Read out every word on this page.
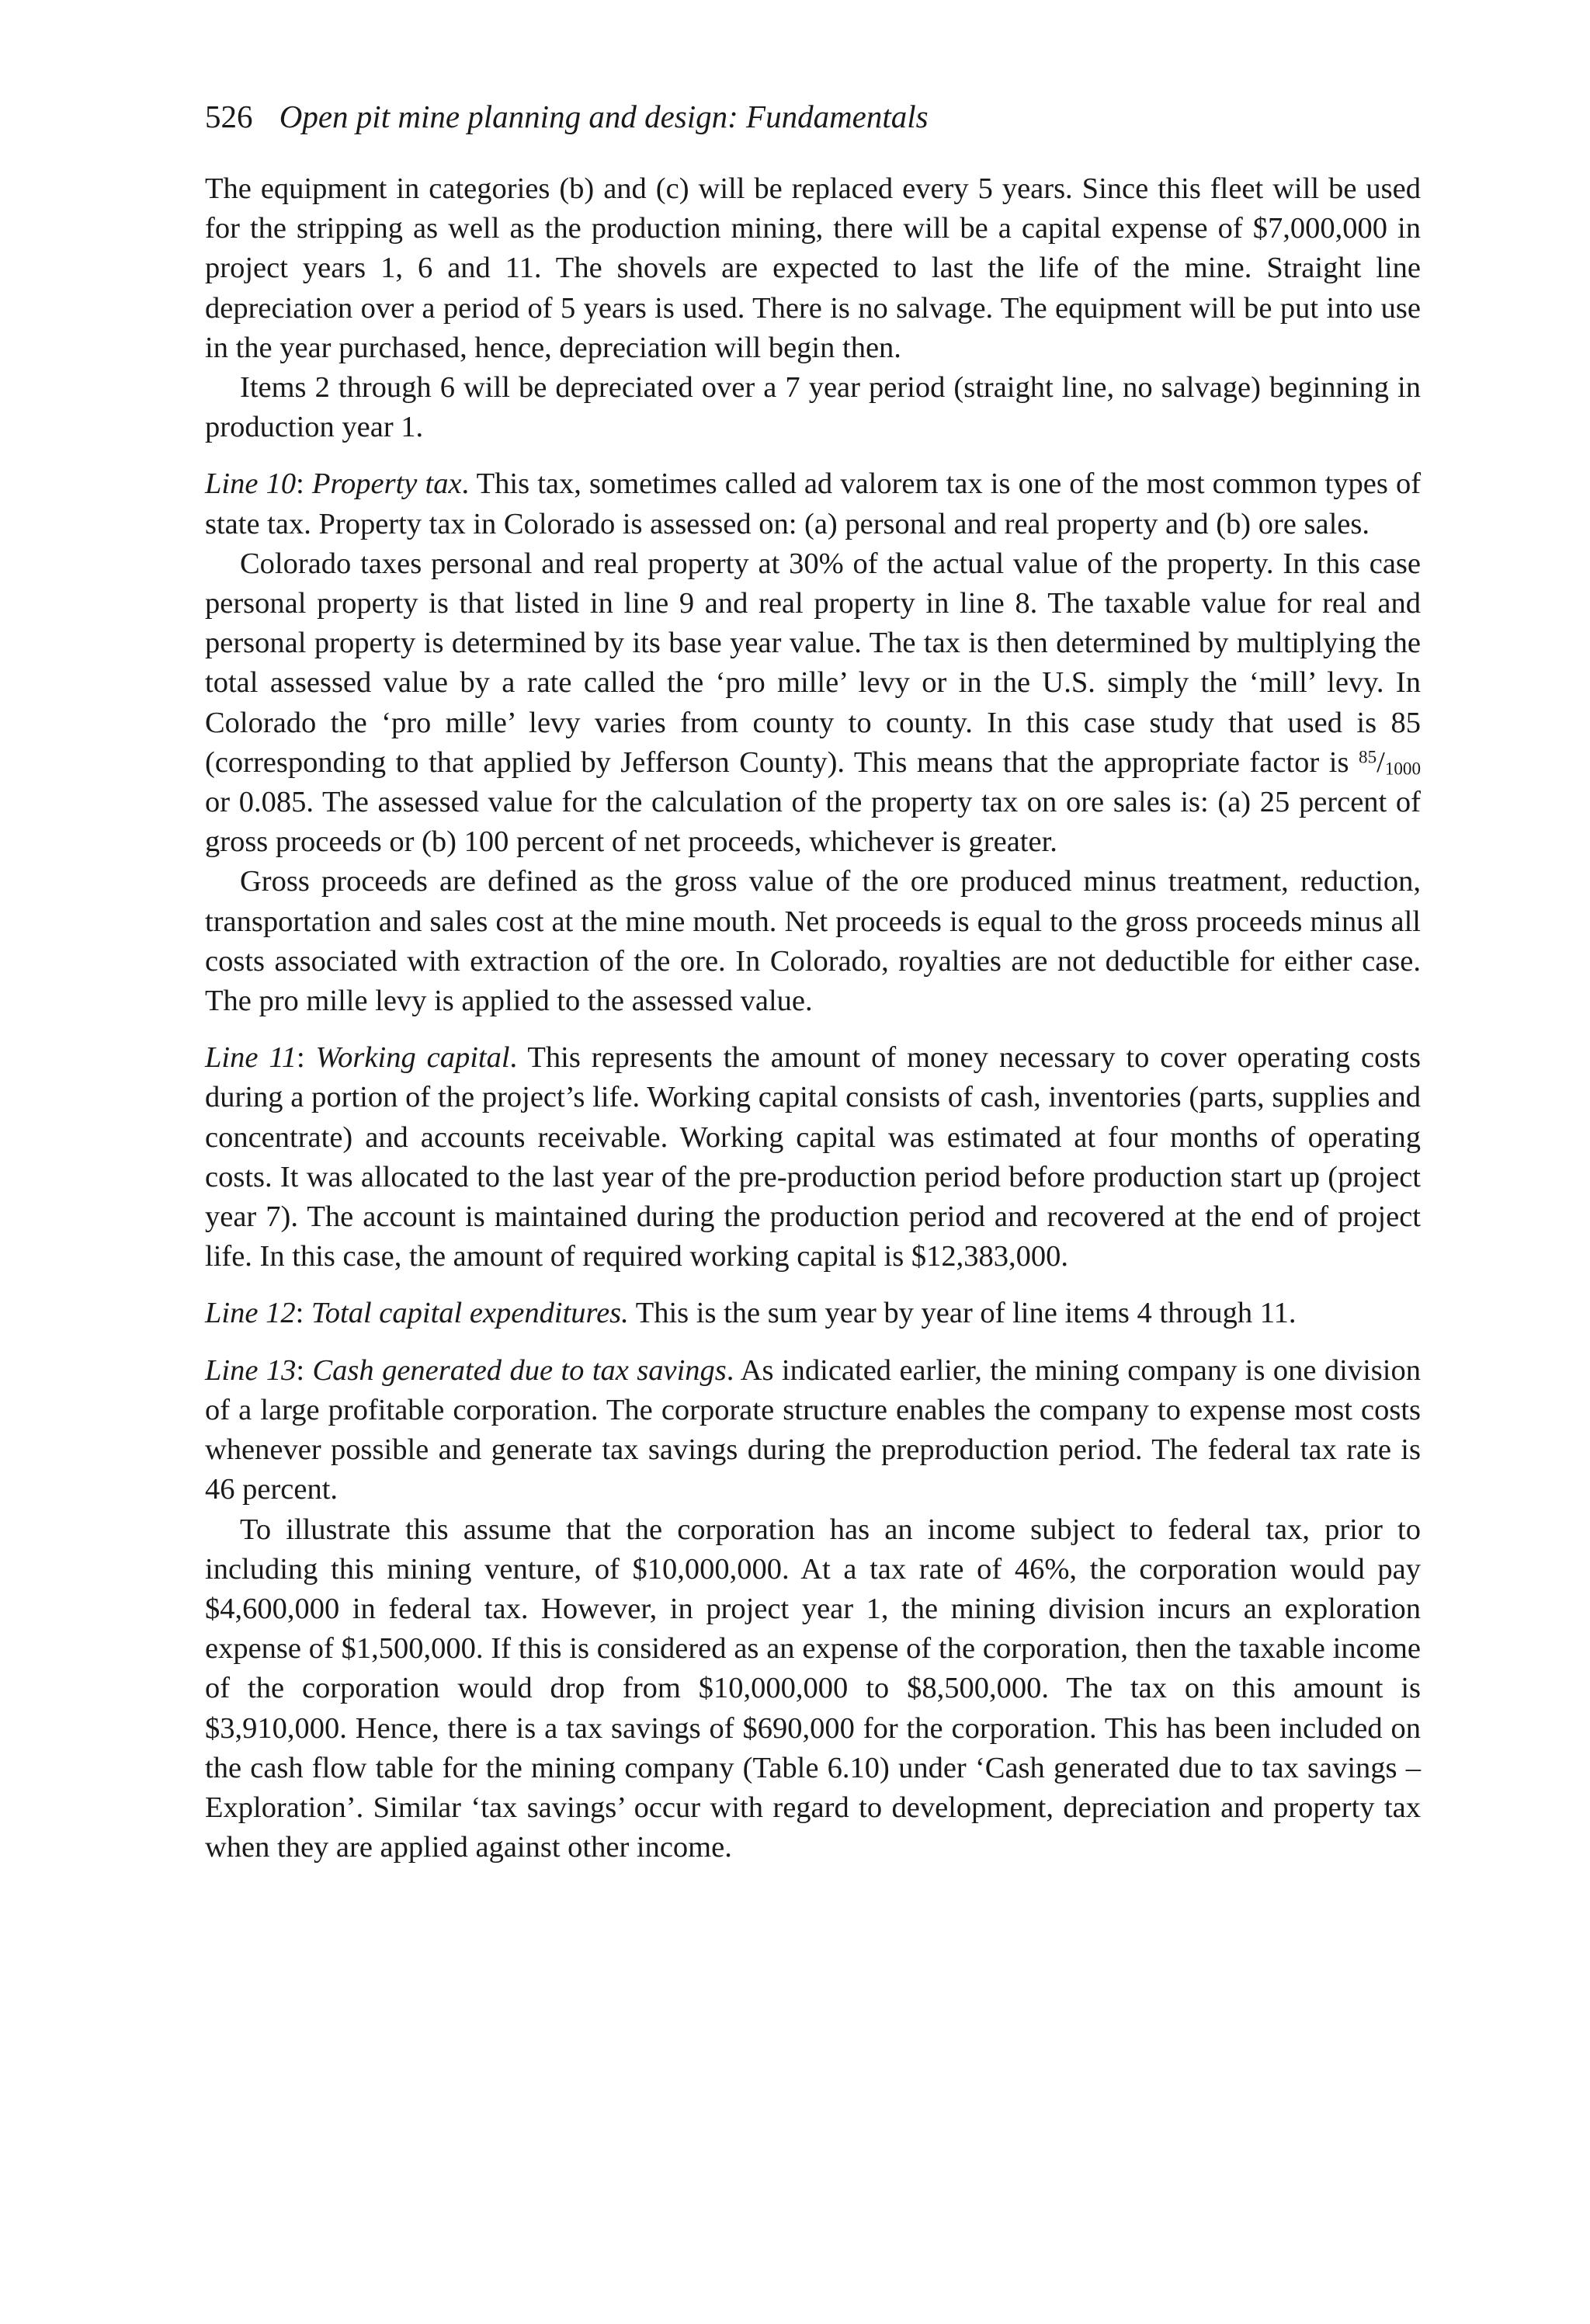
526 Open pit mine planning and design: Fundamentals

The equipment in categories (b) and (c) will be replaced every 5 years. Since this fleet will be used for the stripping as well as the production mining, there will be a capital expense of $7,000,000 in project years 1, 6 and 11. The shovels are expected to last the life of the mine. Straight line depreciation over a period of 5 years is used. There is no salvage. The equipment will be put into use in the year purchased, hence, depreciation will begin then.

Items 2 through 6 will be depreciated over a 7 year period (straight line, no salvage) beginning in production year 1.

Line 10: Property tax. This tax, sometimes called ad valorem tax is one of the most common types of state tax. Property tax in Colorado is assessed on: (a) personal and real property and (b) ore sales.

Colorado taxes personal and real property at 30% of the actual value of the property. In this case personal property is that listed in line 9 and real property in line 8. The taxable value for real and personal property is determined by its base year value. The tax is then determined by multiplying the total assessed value by a rate called the ‘pro mille’ levy or in the U.S. simply the ‘mill’ levy. In Colorado the ‘pro mille’ levy varies from county to county. In this case study that used is 85 (corresponding to that applied by Jefferson County). This means that the appropriate factor is $^{85}/_{1000}$ or 0.085. The assessed value for the calculation of the property tax on ore sales is: (a) 25 percent of gross proceeds or (b) 100 percent of net proceeds, whichever is greater.

Gross proceeds are defined as the gross value of the ore produced minus treatment, reduction, transportation and sales cost at the mine mouth. Net proceeds is equal to the gross proceeds minus all costs associated with extraction of the ore. In Colorado, royalties are not deductible for either case. The pro mille levy is applied to the assessed value.

Line 11: Working capital. This represents the amount of money necessary to cover operating costs during a portion of the project’s life. Working capital consists of cash, inventories (parts, supplies and concentrate) and accounts receivable. Working capital was estimated at four months of operating costs. It was allocated to the last year of the pre-production period before production start up (project year 7). The account is maintained during the production period and recovered at the end of project life. In this case, the amount of required working capital is $12,383,000.

Line 12: Total capital expenditures. This is the sum year by year of line items 4 through 11.

Line 13: Cash generated due to tax savings. As indicated earlier, the mining company is one division of a large profitable corporation. The corporate structure enables the company to expense most costs whenever possible and generate tax savings during the preproduction period. The federal tax rate is 46 percent.

To illustrate this assume that the corporation has an income subject to federal tax, prior to including this mining venture, of $10,000,000. At a tax rate of 46%, the corporation would pay $4,600,000 in federal tax. However, in project year 1, the mining division incurs an exploration expense of $1,500,000. If this is considered as an expense of the corporation, then the taxable income of the corporation would drop from $10,000,000 to $8,500,000. The tax on this amount is $3,910,000. Hence, there is a tax savings of $690,000 for the corporation. This has been included on the cash flow table for the mining company (Table 6.10) under ‘Cash generated due to tax savings – Exploration’. Similar ‘tax savings’ occur with regard to development, depreciation and property tax when they are applied against other income.
